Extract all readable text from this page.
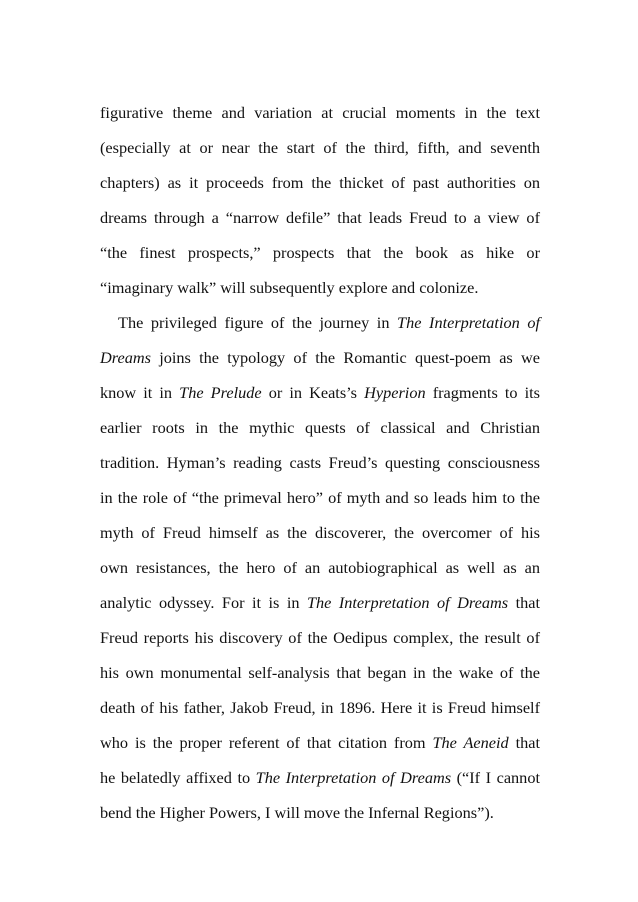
figurative theme and variation at crucial moments in the text
(especially at or near the start of the third, fifth, and seventh
chapters) as it proceeds from the thicket of past authorities on
dreams through a “narrow defile” that leads Freud to a view of
“the finest prospects,” prospects that the book as hike or
“imaginary walk” will subsequently explore and colonize.

The privileged figure of the journey in The Interpretation of
Dreams joins the typology of the Romantic quest-poem as we
know it in The Prelude or in Keats’s Hyperion fragments to its
earlier roots in the mythic quests of classical and Christian
tradition. Hyman’s reading casts Freud’s questing consciousness
in the role of “the primeval hero” of myth and so leads him to the
myth of Freud himself as the discoverer, the overcomer of his
own resistances, the hero of an autobiographical as well as an
analytic odyssey. For it is in The Interpretation of Dreams that
Freud reports his discovery of the Oedipus complex, the result of
his own monumental self-analysis that began in the wake of the
death of his father, Jakob Freud, in 1896. Here it is Freud himself
who is the proper referent of that citation from The Aeneid that
he belatedly affixed to The Interpretation of Dreams (“If I cannot
bend the Higher Powers, I will move the Infernal Regions”).
